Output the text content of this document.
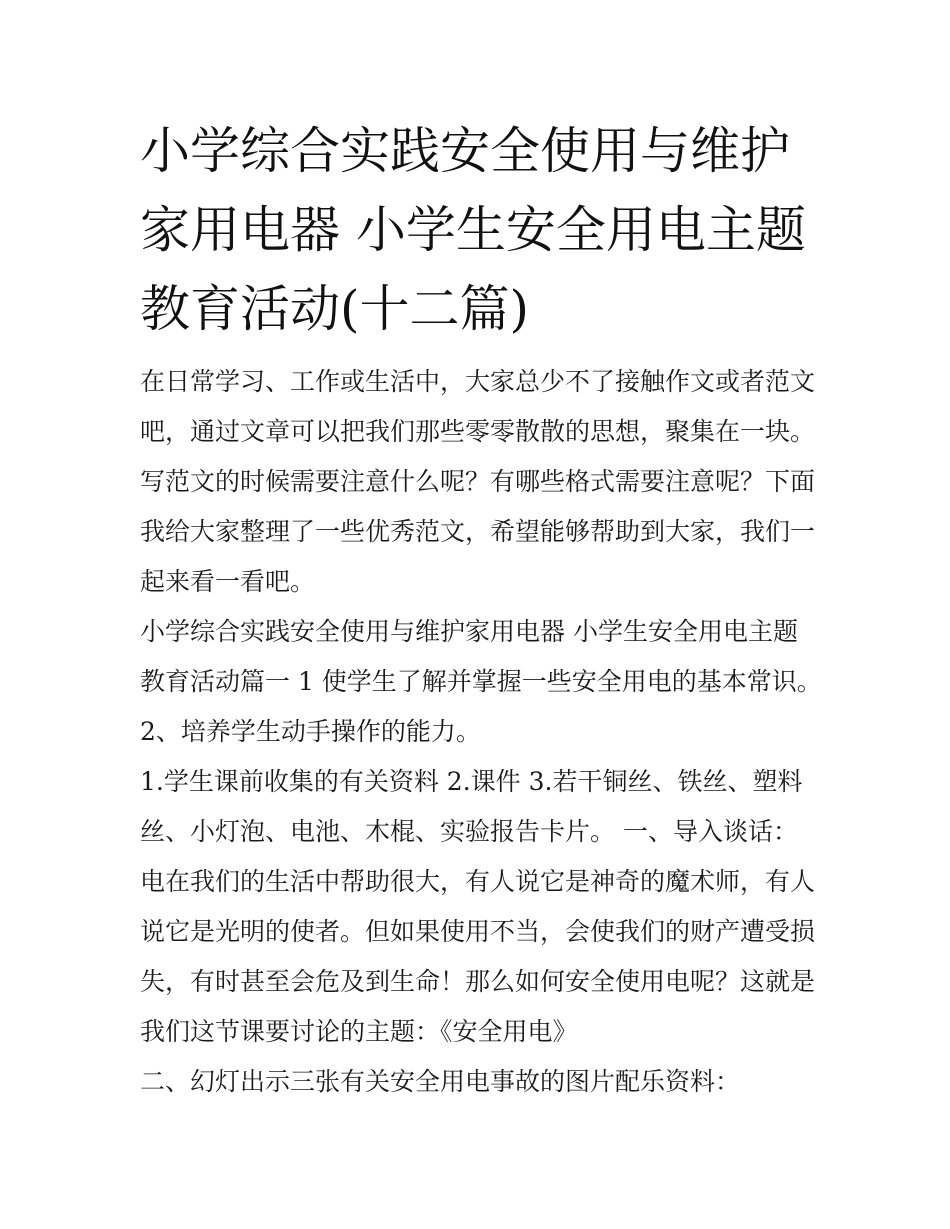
小学综合实践安全使用与维护
家用电器 小学生安全用电主题
教育活动(十二篇)

在日常学习、工作或生活中，大家总少不了接触作文或者范文
吧，通过文章可以把我们那些零零散散的思想，聚集在一块。
写范文的时候需要注意什么呢？有哪些格式需要注意呢？下面
我给大家整理了一些优秀范文，希望能够帮助到大家，我们一
起来看一看吧。

小学综合实践安全使用与维护家用电器 小学生安全用电主题
教育活动篇一 1 使学生了解并掌握一些安全用电的基本常识。

2、培养学生动手操作的能力。

1.学生课前收集的有关资料 2.课件 3.若干铜丝、铁丝、塑料
丝、小灯泡、电池、木棍、实验报告卡片。 一、导入谈话：
电在我们的生活中帮助很大，有人说它是神奇的魔术师，有人
说它是光明的使者。但如果使用不当，会使我们的财产遭受损
失，有时甚至会危及到生命！那么如何安全使用电呢？这就是
我们这节课要讨论的主题：《安全用电》

二、幻灯出示三张有关安全用电事故的图片配乐资料：
